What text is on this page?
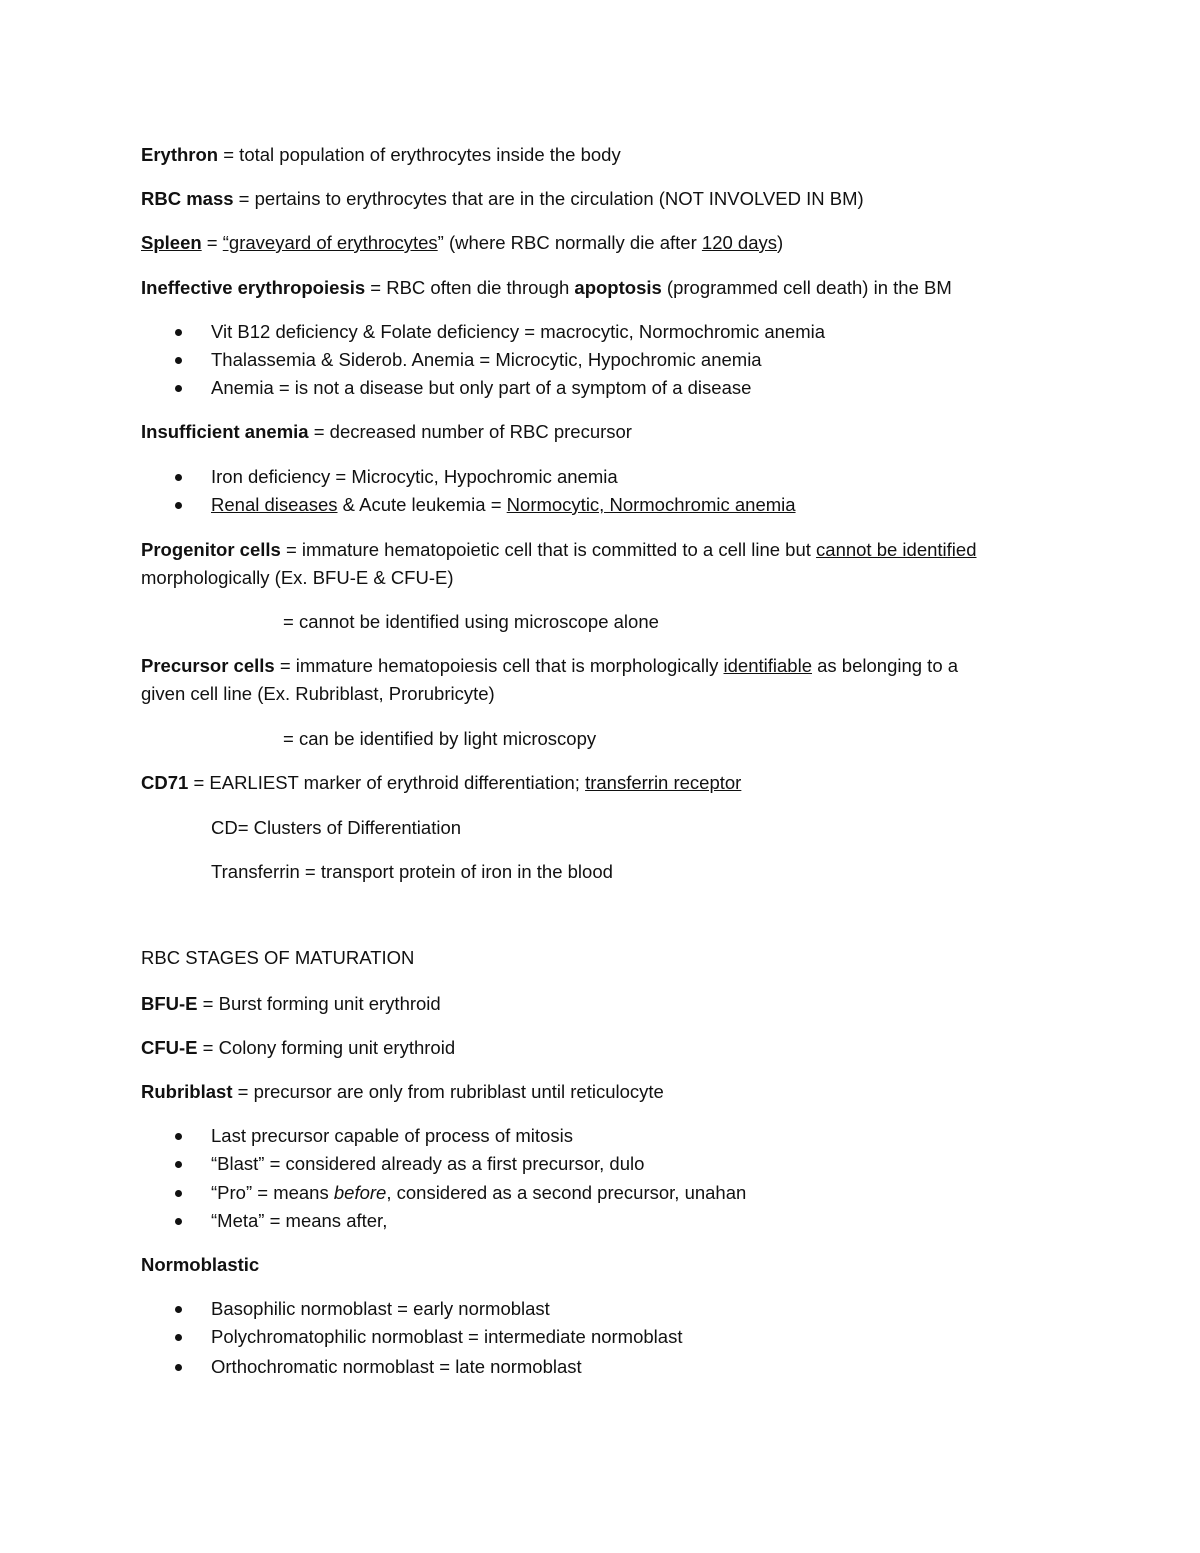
Erythron = total population of erythrocytes inside the body
RBC mass = pertains to erythrocytes that are in the circulation (NOT INVOLVED IN BM)
Spleen = “graveyard of erythrocytes” (where RBC normally die after 120 days)
Ineffective erythropoiesis = RBC often die through apoptosis (programmed cell death) in the BM
Vit B12 deficiency & Folate deficiency = macrocytic, Normochromic anemia
Thalassemia & Siderob. Anemia = Microcytic, Hypochromic anemia
Anemia = is not a disease but only part of a symptom of a disease
Insufficient anemia = decreased number of RBC precursor
Iron deficiency = Microcytic, Hypochromic anemia
Renal diseases & Acute leukemia = Normocytic, Normochromic anemia
Progenitor cells = immature hematopoietic cell that is committed to a cell line but cannot be identified
morphologically (Ex. BFU-E & CFU-E)
= cannot be identified using microscope alone
Precursor cells = immature hematopoiesis cell that is morphologically identifiable as belonging to a
given cell line (Ex. Rubriblast, Prorubricyte)
= can be identified by light microscopy
CD71 = EARLIEST marker of erythroid differentiation; transferrin receptor
CD= Clusters of Differentiation
Transferrin = transport protein of iron in the blood
RBC STAGES OF MATURATION
BFU-E = Burst forming unit erythroid
CFU-E = Colony forming unit erythroid
Rubriblast = precursor are only from rubriblast until reticulocyte
Last precursor capable of process of mitosis
“Blast” = considered already as a first precursor, dulo
“Pro” = means before, considered as a second precursor, unahan
“Meta” = means after,
Normoblastic
Basophilic normoblast = early normoblast
Polychromatophilic normoblast = intermediate normoblast
Orthochromatic normoblast = late normoblast
